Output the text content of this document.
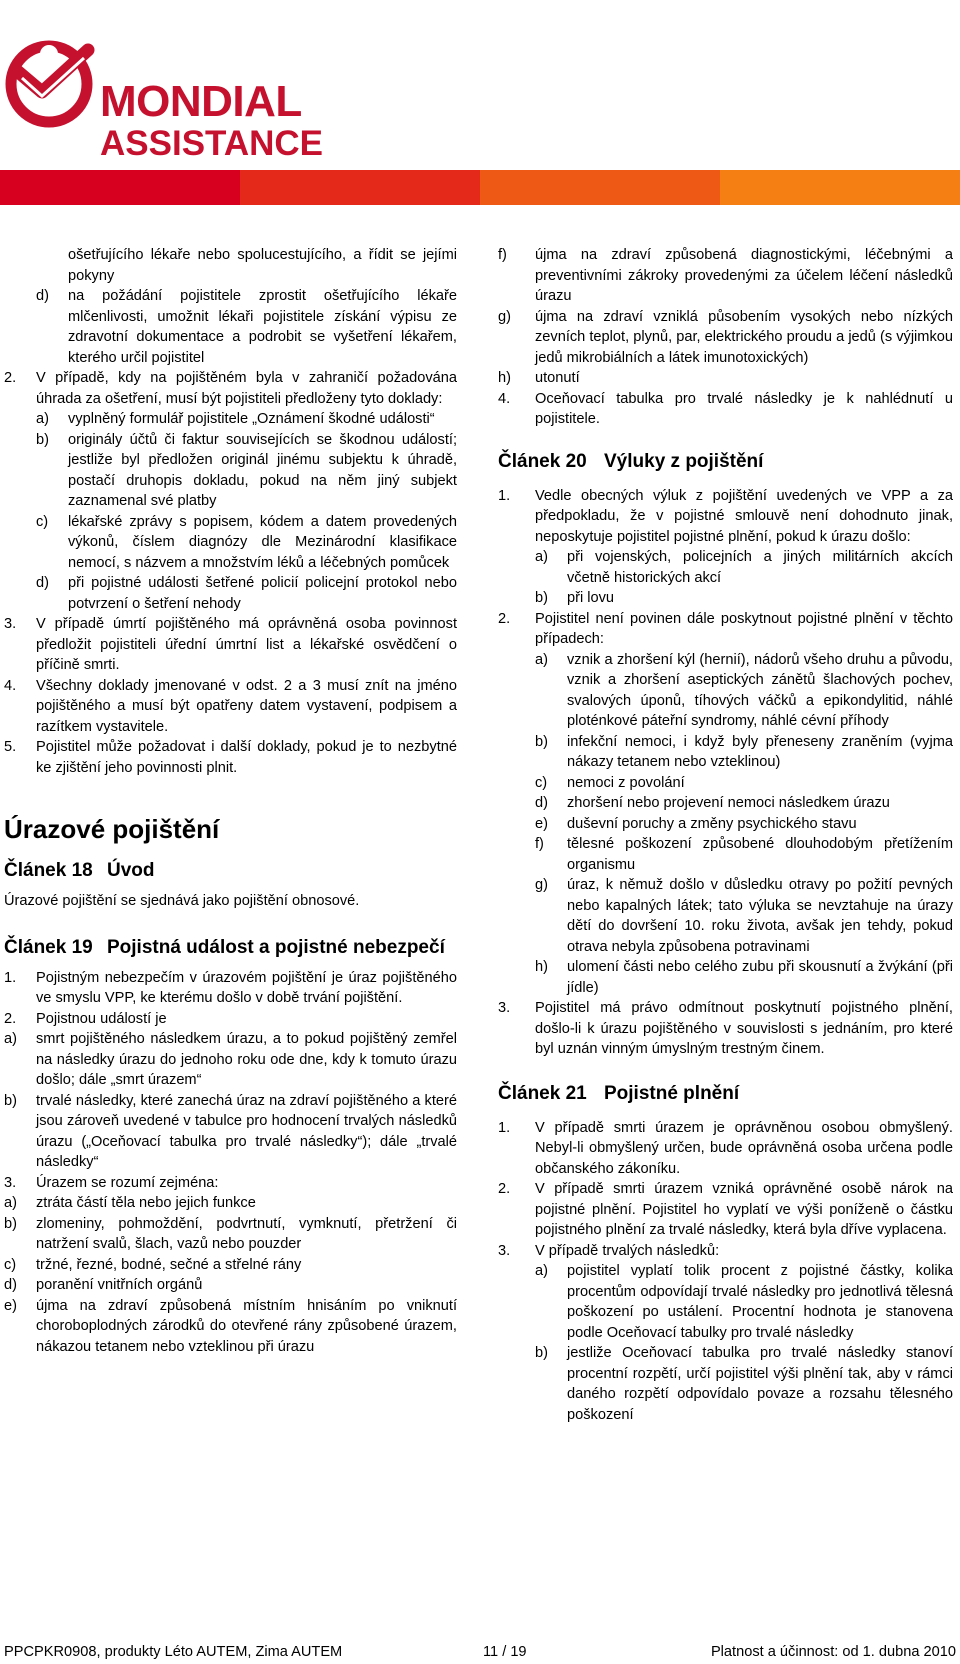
MONDIAL
ASSISTANCE
ošetřujícího lékaře nebo spolucestujícího, a řídit se jejími pokyny
d)	na požádání pojistitele zprostit ošetřujícího lékaře mlčenlivosti, umožnit lékaři pojistitele získání výpisu ze zdravotní dokumentace a podrobit se vyšetření lékařem, kterého určil pojistitel
2.	V případě, kdy na pojištěném byla v zahraničí požadována úhrada za ošetření, musí být pojistiteli předloženy tyto doklady:
a)	vyplněný formulář pojistitele „Oznámení škodné události“
b)	originály účtů či faktur souvisejících se škodnou událostí; jestliže byl předložen originál jinému subjektu k úhradě, postačí druhopis dokladu, pokud na něm jiný subjekt zaznamenal své platby
c)	lékařské zprávy s popisem, kódem a datem provedených výkonů, číslem diagnózy dle Mezinárodní klasifikace nemocí, s názvem a množstvím léků a léčebných pomůcek
d)	při pojistné události šetřené policií policejní protokol nebo potvrzení o šetření nehody
3.	V případě úmrtí pojištěného má oprávněná osoba povinnost předložit pojistiteli úřední úmrtní list a lékařské osvědčení o příčině smrti.
4.	Všechny doklady jmenované v odst. 2 a 3 musí znít na jméno pojištěného a musí být opatřeny datem vystavení, podpisem a razítkem vystavitele.
5.	Pojistitel může požadovat i další doklady, pokud je to nezbytné ke zjištění jeho povinnosti plnit.
Úrazové pojištění
Článek 18 Úvod

Úrazové pojištění se sjednává jako pojištění obnosové.

Článek 19 Pojistná událost a pojistné nebezpečí
1.	Pojistným nebezpečím v úrazovém pojištění je úraz pojištěného ve smyslu VPP, ke kterému došlo v době trvání pojištění.
2.	Pojistnou událostí je
a)	smrt pojištěného následkem úrazu, a to pokud pojištěný zemřel na následky úrazu do jednoho roku ode dne, kdy k tomuto úrazu došlo; dále „smrt úrazem“
b)	trvalé následky, které zanechá úraz na zdraví pojištěného a které jsou zároveň uvedené v tabulce pro hodnocení trvalých následků úrazu („Oceňovací tabulka pro trvalé následky“); dále „trvalé následky“
3.	Úrazem se rozumí zejména:
a)	ztráta částí těla nebo jejich funkce
b)	zlomeniny, pohmoždění, podvrtnutí, vymknutí, přetržení či natržení svalů, šlach, vazů nebo pouzder
c)	tržné, řezné, bodné, sečné a střelné rány
d)	poranění vnitřních orgánů
e)	újma na zdraví způsobená místním hnisáním po vniknutí choroboplodných zárodků do otevřené rány způsobené úrazem, nákazou tetanem nebo vzteklinou při úrazu
f)	újma na zdraví způsobená diagnostickými, léčebnými a preventivními zákroky provedenými za účelem léčení následků úrazu
g)	újma na zdraví vzniklá působením vysokých nebo nízkých zevních teplot, plynů, par, elektrického proudu a jedů (s výjimkou jedů mikrobiálních a látek imunotoxických)
h)	utonutí
4.	Oceňovací tabulka pro trvalé následky je k nahlédnutí u pojistitele.
Článek 20 Výluky z pojištění
1.	Vedle obecných výluk z pojištění uvedených ve VPP a za předpokladu, že v pojistné smlouvě není dohodnuto jinak, neposkytuje pojistitel pojistné plnění, pokud k úrazu došlo:
a)	při vojenských, policejních a jiných militárních akcích včetně historických akcí
b)	při lovu
2.	Pojistitel není povinen dále poskytnout pojistné plnění v těchto případech:
a)	vznik a zhoršení kýl (hernií), nádorů všeho druhu a původu, vznik a zhoršení aseptických zánětů šlachových pochev, svalových úponů, tíhových váčků a epikondylitid, náhlé ploténkové páteřní syndromy, náhlé cévní příhody
b)	infekční nemoci, i když byly přeneseny zraněním (vyjma nákazy tetanem nebo vzteklinou)
c)	nemoci z povolání
d)	zhoršení nebo projevení nemoci následkem úrazu
e)	duševní poruchy a změny psychického stavu
f)	tělesné poškození způsobené dlouhodobým přetížením organismu
g)	úraz, k němuž došlo v důsledku otravy po požití pevných nebo kapalných látek; tato výluka se nevztahuje na úrazy dětí do dovršení 10. roku života, avšak jen tehdy, pokud otrava nebyla způsobena potravinami
h)	ulomení části nebo celého zubu při skousnutí a žvýkání (při jídle)
3.	Pojistitel má právo odmítnout poskytnutí pojistného plnění, došlo-li k úrazu pojištěného v souvislosti s jednáním, pro které byl uznán vinným úmyslným trestným činem.
Článek 21 Pojistné plnění
1.	V případě smrti úrazem je oprávněnou osobou obmyšlený. Nebyl-li obmyšlený určen, bude oprávněná osoba určena podle občanského zákoníku.
2.	V případě smrti úrazem vzniká oprávněné osobě nárok na pojistné plnění. Pojistitel ho vyplatí ve výši poníženě o částku pojistného plnění za trvalé následky, která byla dříve vyplacena.
3.	V případě trvalých následků:
a)	pojistitel vyplatí tolik procent z pojistné částky, kolika procentům odpovídají trvalé následky pro jednotlivá tělesná poškození po ustálení. Procentní hodnota je stanovena podle Oceňovací tabulky pro trvalé následky
b)	jestliže Oceňovací tabulka pro trvalé následky stanoví procentní rozpětí, určí pojistitel výši plnění tak, aby v rámci daného rozpětí odpovídalo povaze a rozsahu tělesného poškození
PPCPKR0908, produkty Léto AUTEM, Zima AUTEM	11 / 19	Platnost a účinnost: od 1. dubna 2010
